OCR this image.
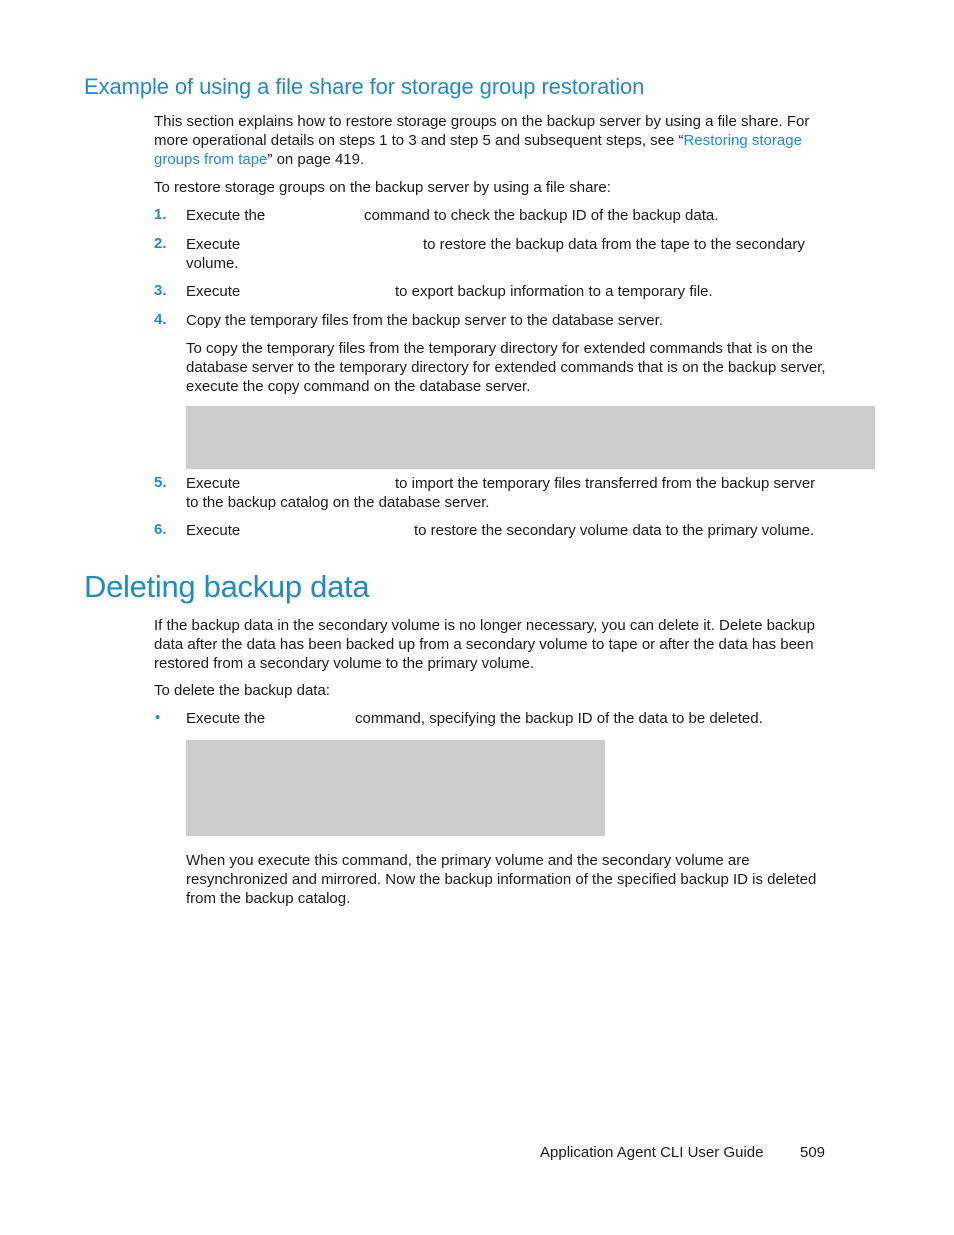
Example of using a file share for storage group restoration
This section explains how to restore storage groups on the backup server by using a file share. For more operational details on steps 1 to 3 and step 5 and subsequent steps, see “Restoring storage groups from tape” on page 419.
To restore storage groups on the backup server by using a file share:
1. Execute the	command to check the backup ID of the backup data.
2. Execute	to restore the backup data from the tape to the secondary
volume.
3. Execute	to export backup information to a temporary file.
4. Copy the temporary files from the backup server to the database server.
To copy the temporary files from the temporary directory for extended commands that is on the database server to the temporary directory for extended commands that is on the backup server, execute the copy command on the database server.
5. Execute	to import the temporary files transferred from the backup server
to the backup catalog on the database server.
6. Execute	to restore the secondary volume data to the primary volume.
Deleting backup data
If the backup data in the secondary volume is no longer necessary, you can delete it. Delete backup data after the data has been backed up from a secondary volume to tape or after the data has been restored from a secondary volume to the primary volume.
To delete the backup data:
• Execute the	command, specifying the backup ID of the data to be deleted.
When you execute this command, the primary volume and the secondary volume are resynchronized and mirrored. Now the backup information of the specified backup ID is deleted from the backup catalog.
Application Agent CLI User Guide 509
